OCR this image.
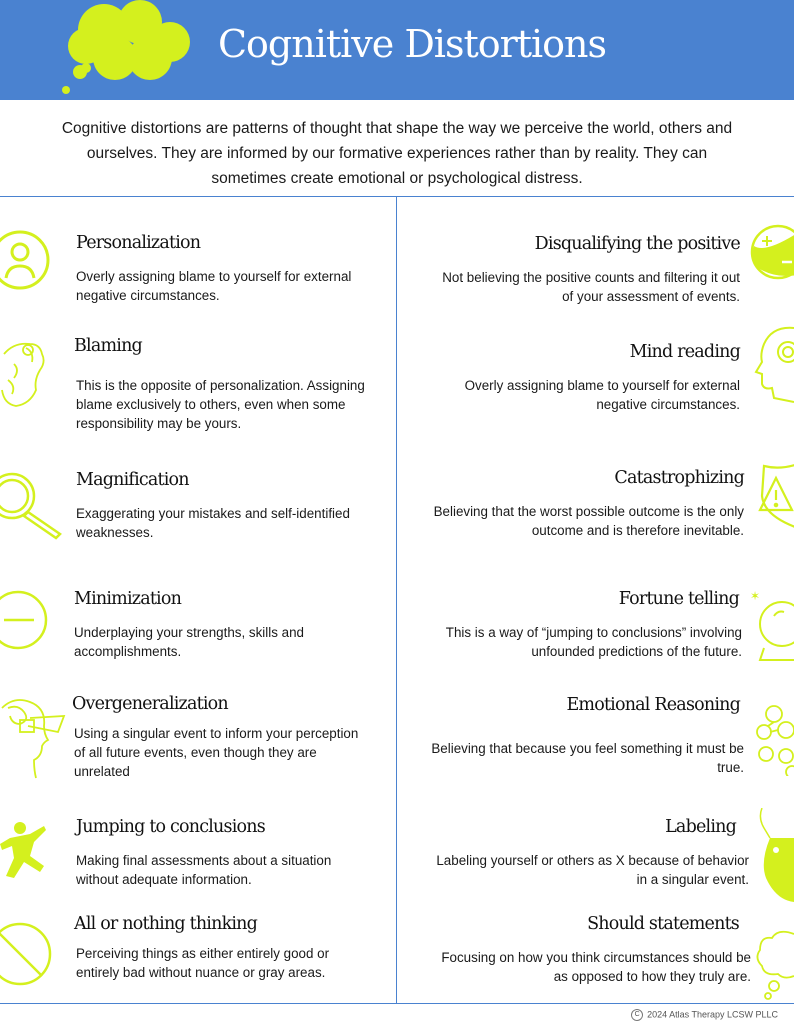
Cognitive Distortions
Cognitive distortions are patterns of thought that shape the way we perceive the world, others and ourselves. They are informed by our formative experiences rather than by reality. They can sometimes create emotional or psychological distress.
Personalization

Overly assigning blame to yourself for external negative circumstances.

Blaming

This is the opposite of personalization. Assigning blame exclusively to others, even when some responsibility may be yours.

Magnification

Exaggerating your mistakes and self-identified weaknesses.

Minimization

Underplaying your strengths, skills and accomplishments.

Overgeneralization

Using a singular event to inform your perception of all future events, even though they are unrelated

Jumping to conclusions

Making final assessments about a situation without adequate information.

All or nothing thinking

Perceiving things as either entirely good or entirely bad without nuance or gray areas.

Disqualifying the positive

Not believing the positive counts and filtering it out of your assessment of events.

Mind reading

Overly assigning blame to yourself for external negative circumstances.

Catastrophizing

Believing that the worst possible outcome is the only outcome and is therefore inevitable.

Fortune telling

This is a way of “jumping to conclusions” involving unfounded predictions of the future.

Emotional Reasoning

Believing that because you feel something it must be true.

Labeling

Labeling yourself or others as X because of behavior in a singular event.

Should statements

Focusing on how you think circumstances should be as opposed to how they truly are.

✶
C 2024 Atlas Therapy LCSW PLLC
